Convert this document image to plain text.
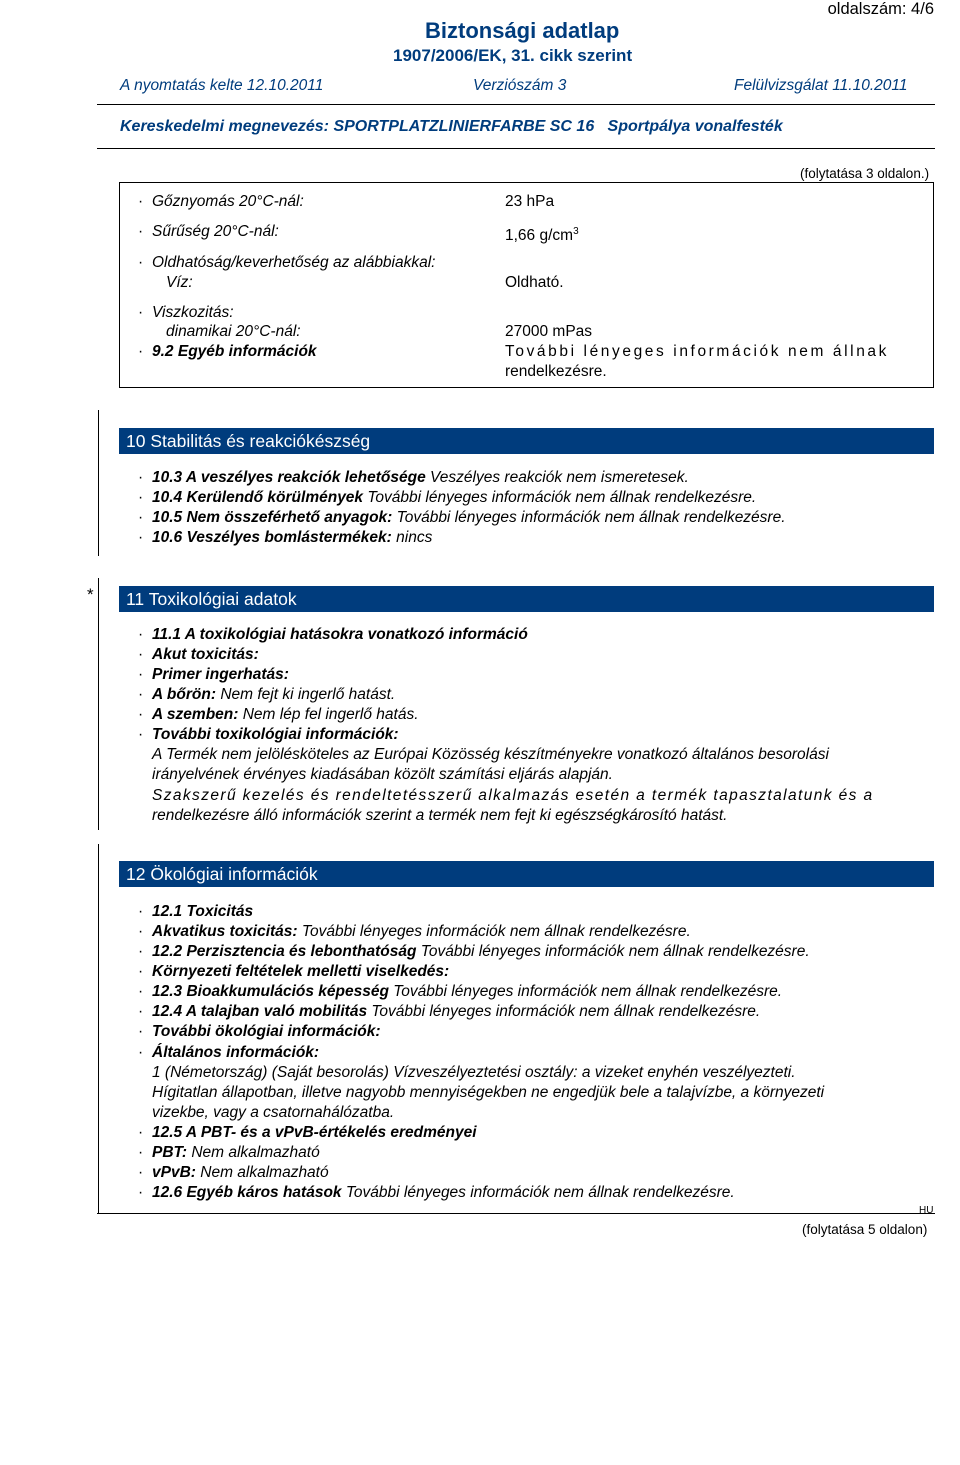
oldalszám: 4/6
Biztonsági adatlap
1907/2006/EK, 31. cikk szerint
A nyomtatás kelte 12.10.2011	Verziószám 3	Felülvizsgálat 11.10.2011
Kereskedelmi megnevezés: SPORTPLATZLINIERFARBE SC 16   Sportpálya vonalfesték
(folytatása 3 oldalon.)
· Gőznyomás 20°C-nál:	23 hPa
· Sűrűség 20°C-nál:	1,66 $g/cm^3$
· Oldhatóság/keverhetőség az alábbiakkal:
Víz:	Oldható.
· Viszkozitás:
dinamikai 20°C-nál:	27000 mPas
· 9.2 Egyéb információk	További lényeges információk nem állnak
rendelkezésre.
10 Stabilitás és reakciókészség
· 10.3 A veszélyes reakciók lehetősége Veszélyes reakciók nem ismeretesek.
· 10.4 Kerülendő körülmények További lényeges információk nem állnak rendelkezésre.
· 10.5 Nem összeférhető anyagok: További lényeges információk nem állnak rendelkezésre.
· 10.6 Veszélyes bomlástermékek: nincs
*	11 Toxikológiai adatok
· 11.1 A toxikológiai hatásokra vonatkozó információ
· Akut toxicitás:
· Primer ingerhatás:
· A bőrön: Nem fejt ki ingerlő hatást.
· A szemben: Nem lép fel ingerlő hatás.
· További toxikológiai információk:
A Termék nem jelölésköteles az Európai Közösség készítményekre vonatkozó általános besorolási
irányelvének érvényes kiadásában közölt számítási eljárás alapján.
Szakszerű kezelés és rendeltetésszerű alkalmazás esetén a termék tapasztalatunk és a
rendelkezésre álló információk szerint a termék nem fejt ki egészségkárosító hatást.
12 Ökológiai információk
· 12.1 Toxicitás
· Akvatikus toxicitás: További lényeges információk nem állnak rendelkezésre.
· 12.2 Perzisztencia és lebonthatóság További lényeges információk nem állnak rendelkezésre.
· Környezeti feltételek melletti viselkedés:
· 12.3 Bioakkumulációs képesség További lényeges információk nem állnak rendelkezésre.
· 12.4 A talajban való mobilitás További lényeges információk nem állnak rendelkezésre.
· További ökológiai információk:
· Általános információk:
1 (Németország) (Saját besorolás) Vízveszélyeztetési osztály: a vizeket enyhén veszélyezteti.
Hígitatlan állapotban, illetve nagyobb mennyiségekben ne engedjük bele a talajvízbe, a környezeti
vizekbe, vagy a csatornahálózatba.
· 12.5 A PBT- és a vPvB-értékelés eredményei
· PBT: Nem alkalmazható
· vPvB: Nem alkalmazható
· 12.6 Egyéb káros hatások További lényeges információk nem állnak rendelkezésre.
HU
(folytatása 5 oldalon)
